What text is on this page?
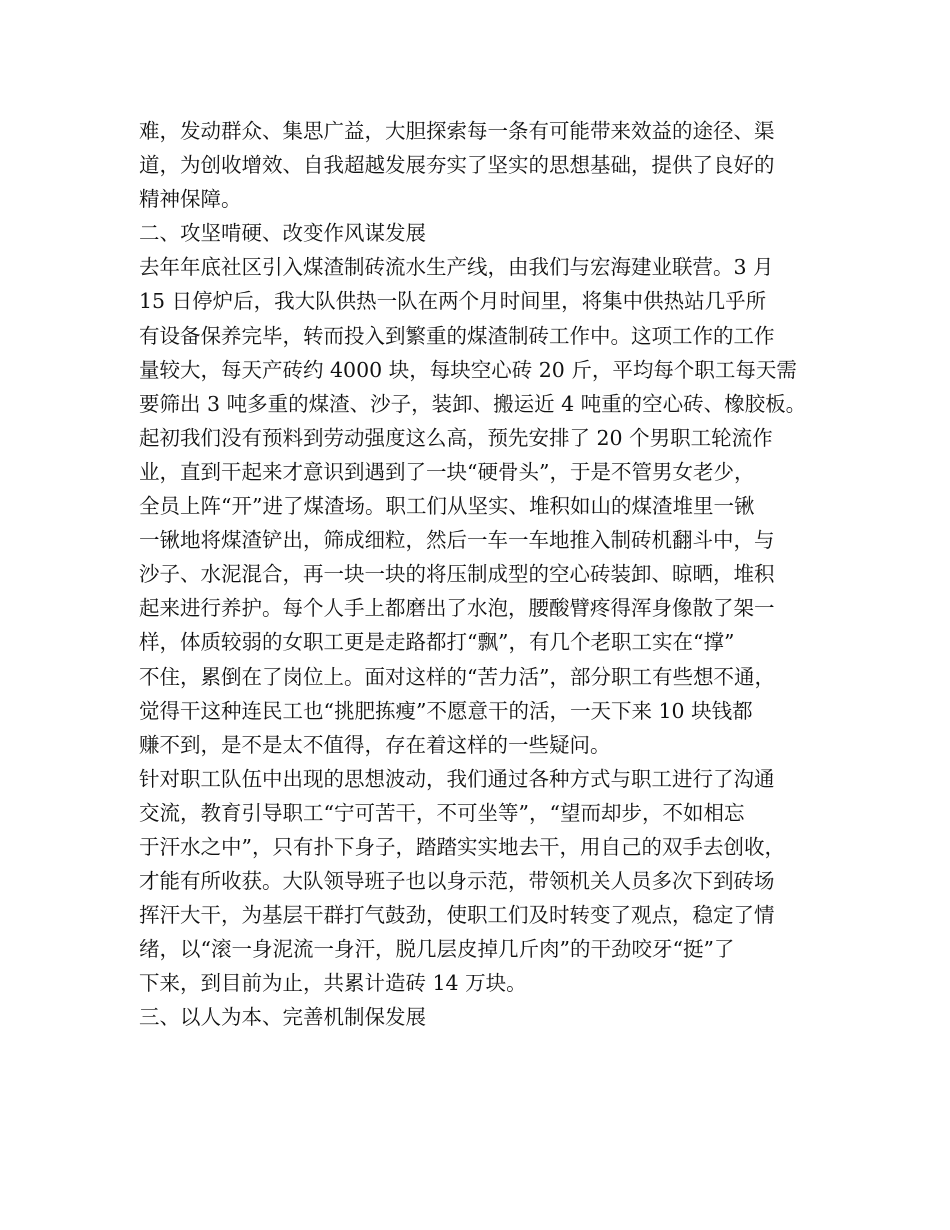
难，发动群众、集思广益，大胆探索每一条有可能带来效益的途径、渠
道，为创收增效、自我超越发展夯实了坚实的思想基础，提供了良好的
精神保障。
二、攻坚啃硬、改变作风谋发展
去年年底社区引入煤渣制砖流水生产线，由我们与宏海建业联营。3 月
15 日停炉后，我大队供热一队在两个月时间里，将集中供热站几乎所
有设备保养完毕，转而投入到繁重的煤渣制砖工作中。这项工作的工作
量较大，每天产砖约 4000 块，每块空心砖 20 斤，平均每个职工每天需
要筛出 3 吨多重的煤渣、沙子，装卸、搬运近 4 吨重的空心砖、橡胶板。
起初我们没有预料到劳动强度这么高，预先安排了 20 个男职工轮流作
业，直到干起来才意识到遇到了一块“硬骨头”，于是不管男女老少，
全员上阵“开”进了煤渣场。职工们从坚实、堆积如山的煤渣堆里一锹
一锹地将煤渣铲出，筛成细粒，然后一车一车地推入制砖机翻斗中，与
沙子、水泥混合，再一块一块的将压制成型的空心砖装卸、晾晒，堆积
起来进行养护。每个人手上都磨出了水泡，腰酸臂疼得浑身像散了架一
样，体质较弱的女职工更是走路都打“飘”，有几个老职工实在“撑”
不住，累倒在了岗位上。面对这样的“苦力活”，部分职工有些想不通，
觉得干这种连民工也“挑肥拣瘦”不愿意干的活，一天下来 10 块钱都
赚不到，是不是太不值得，存在着这样的一些疑问。
针对职工队伍中出现的思想波动，我们通过各种方式与职工进行了沟通
交流，教育引导职工“宁可苦干，不可坐等”，“望而却步，不如相忘
于汗水之中”，只有扑下身子，踏踏实实地去干，用自己的双手去创收，
才能有所收获。大队领导班子也以身示范，带领机关人员多次下到砖场
挥汗大干，为基层干群打气鼓劲，使职工们及时转变了观点，稳定了情
绪，以“滚一身泥流一身汗，脱几层皮掉几斤肉”的干劲咬牙“挺”了
下来，到目前为止，共累计造砖 14 万块。
三、以人为本、完善机制保发展
